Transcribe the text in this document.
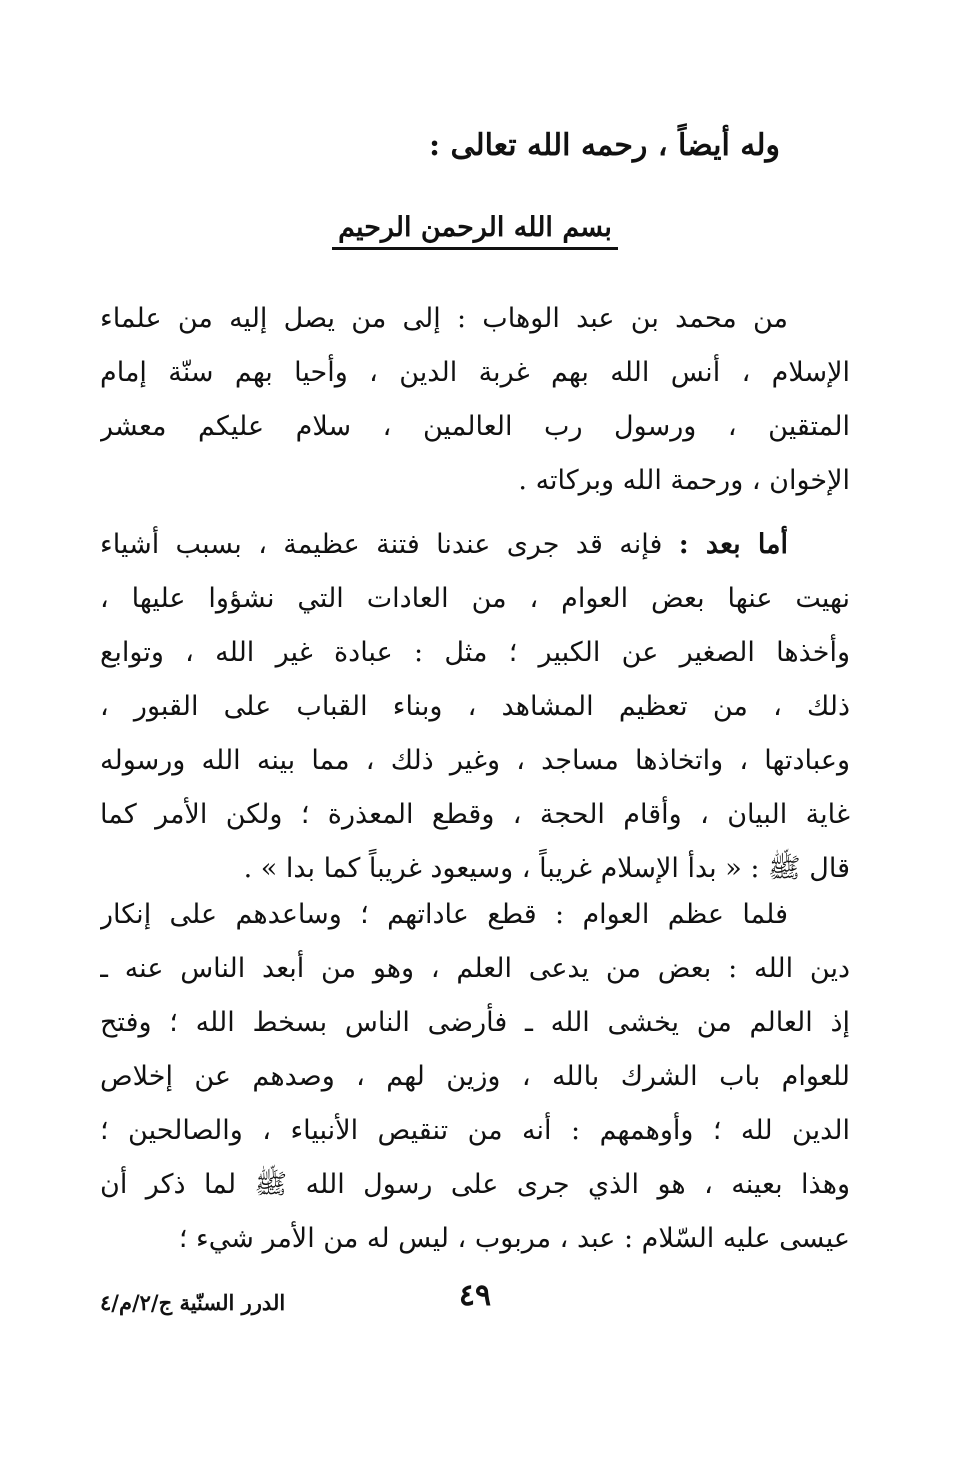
وله أيضاً ، رحمه الله تعالى :
بسم الله الرحمن الرحيم
من محمد بن عبد الوهاب : إلى من يصل إليه من علماء
الإسلام ، أنس الله بهم غربة الدين ، وأحيا بهم سنّة إمام
المتقين ، ورسول رب العالمين ، سلام عليكم معشر
الإخوان ، ورحمة الله وبركاته .
أما بعد : فإنه قد جرى عندنا فتنة عظيمة ، بسبب أشياء
نهيت عنها بعض العوام ، من العادات التي نشؤوا عليها ،
وأخذها الصغير عن الكبير ؛ مثل : عبادة غير الله ، وتوابع
ذلك ، من تعظيم المشاهد ، وبناء القباب على القبور ،
وعبادتها ، واتخاذها مساجد ، وغير ذلك ، مما بينه الله ورسوله
غاية البيان ، وأقام الحجة ، وقطع المعذرة ؛ ولكن الأمر كما
قال ﷺ : « بدأ الإسلام غريباً ، وسيعود غريباً كما بدا » .
فلما عظم العوام : قطع عاداتهم ؛ وساعدهم على إنكار
دين الله : بعض من يدعى العلم ، وهو من أبعد الناس عنه ـ
إذ العالم من يخشى الله ـ فأرضى الناس بسخط الله ؛ وفتح
للعوام باب الشرك بالله ، وزين لهم ، وصدهم عن إخلاص
الدين لله ؛ وأوهمهم : أنه من تنقيص الأنبياء ، والصالحين ؛
وهذا بعينه ، هو الذي جرى على رسول الله ﷺ لما ذكر أن
عيسى عليه السّلام : عبد ، مربوب ، ليس له من الأمر شيء ؛
الدرر السنّية ج/٢/م/٤	٤٩
